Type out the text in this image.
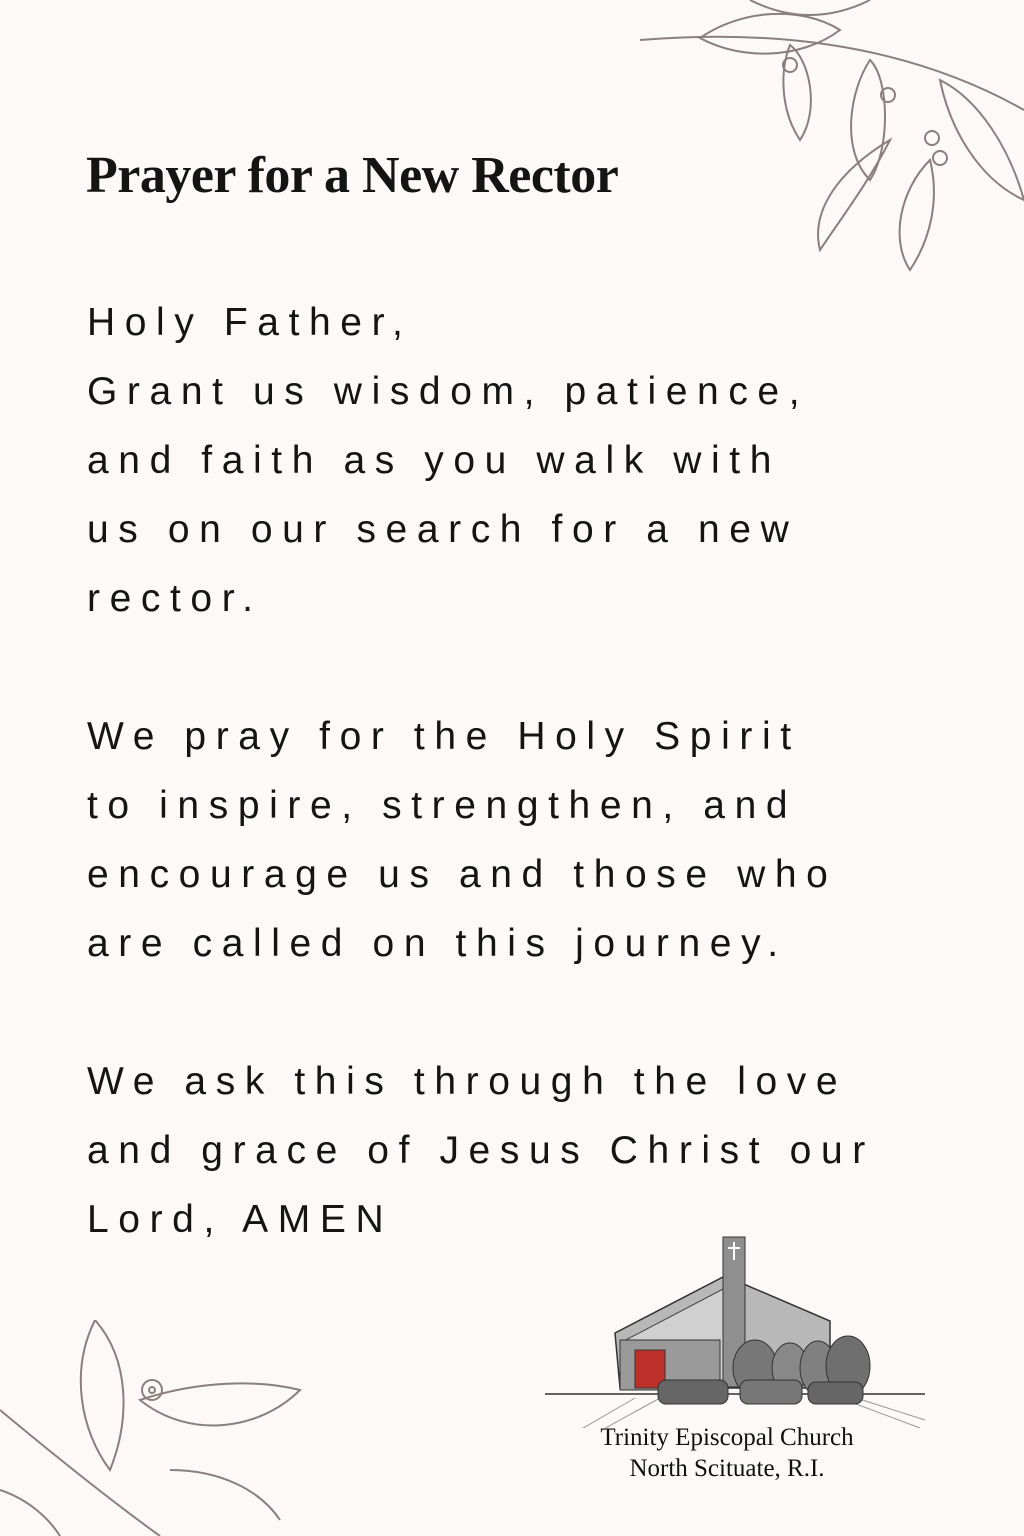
Prayer for a New Rector
Holy Father,
Grant us wisdom, patience,
and faith as you walk with
us on our search for a new
rector.
We pray for the Holy Spirit
to inspire, strengthen, and
encourage us and those who
are called on this journey.
We ask this through the love
and grace of Jesus Christ our
Lord, AMEN
Trinity Episcopal Church
North Scituate, R.I.
